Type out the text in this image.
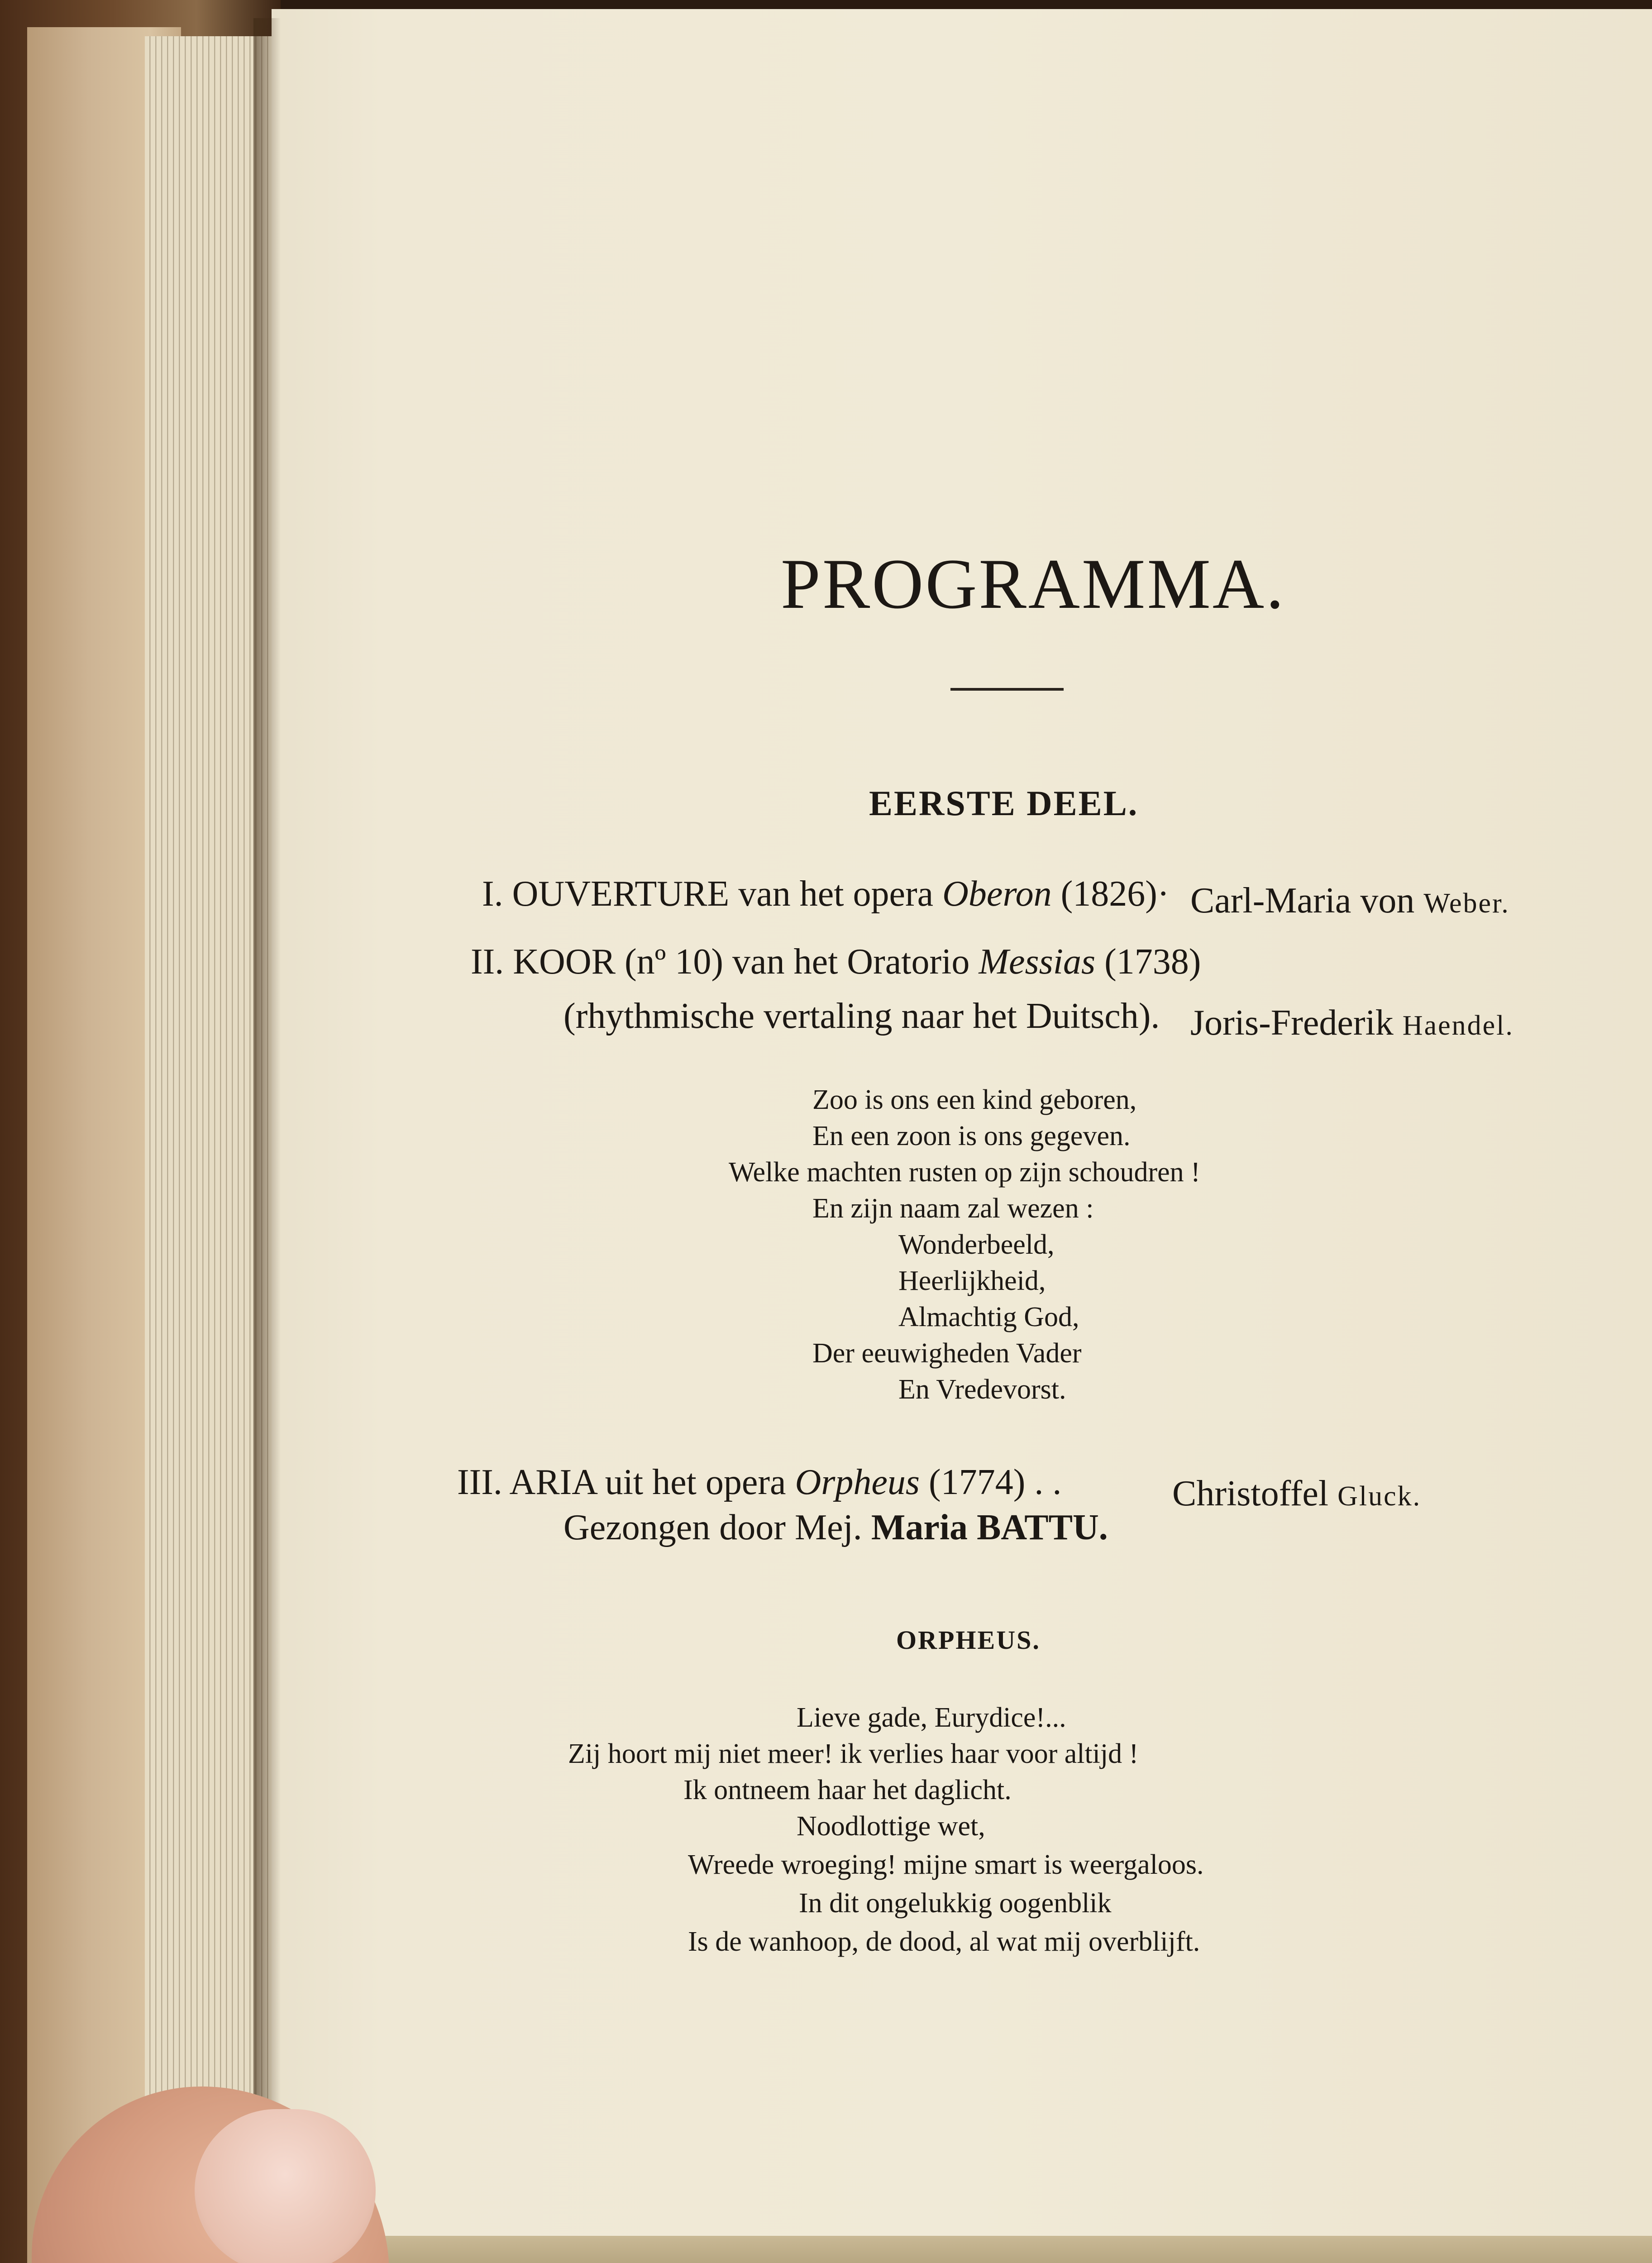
PROGRAMMA.
EERSTE DEEL.

I. OUVERTURE van het opera Oberon (1826)· Carl-Maria von Weber.

II. KOOR (nº 10) van het Oratorio Messias (1738)

(rhythmische vertaling naar het Duitsch). Joris-Frederik Haendel.

Zoo is ons een kind geboren,

En een zoon is ons gegeven.

Welke machten rusten op zijn schoudren !

En zijn naam zal wezen :

Wonderbeeld,

Heerlijkheid,

Almachtig God,

Der eeuwigheden Vader

En Vredevorst.

III. ARIA uit het opera Orpheus (1774) . .	Christoffel Gluck.

Gezongen door Mej. Maria BATTU.

ORPHEUS.

Lieve gade, Eurydice!...

Zij hoort mij niet meer! ik verlies haar voor altijd !

Ik ontneem haar het daglicht.

Noodlottige wet,

Wreede wroeging! mijne smart is weergaloos.

In dit ongelukkig oogenblik

Is de wanhoop, de dood, al wat mij overblijft.
